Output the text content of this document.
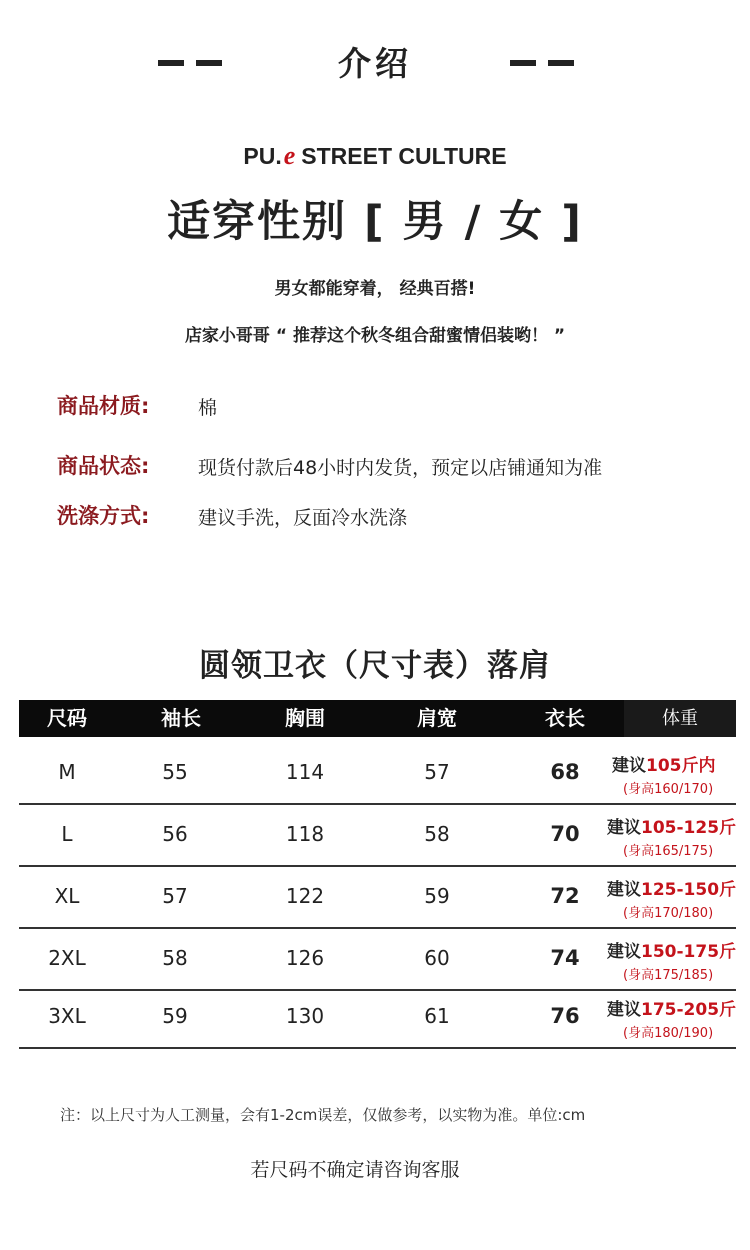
介绍
PU.e STREET CULTURE
适穿性别 [ 男 / 女 ]
男女都能穿着， 经典百搭!
店家小哥哥 “ 推荐这个秋冬组合甜蜜情侣装哟！ ”
商品材质:	棉
商品状态:	现货付款后48小时内发货，预定以店铺通知为准
洗涤方式:	建议手洗，反面冷水洗涤
圆领卫衣（尺寸表）落肩
尺码	袖长	胸围	肩宽	衣长	体重
M	55	114	57	68	建议105斤内
(身高160/170)
L	56	118	58	70	建议105-125斤
(身高165/175)
XL	57	122	59	72	建议125-150斤
(身高170/180)
2XL	58	126	60	74	建议150-175斤
(身高175/185)
3XL	59	130	61	76	建议175-205斤
(身高180/190)
注：以上尺寸为人工测量，会有1-2cm误差，仅做参考，以实物为准。单位:cm
若尺码不确定请咨询客服
